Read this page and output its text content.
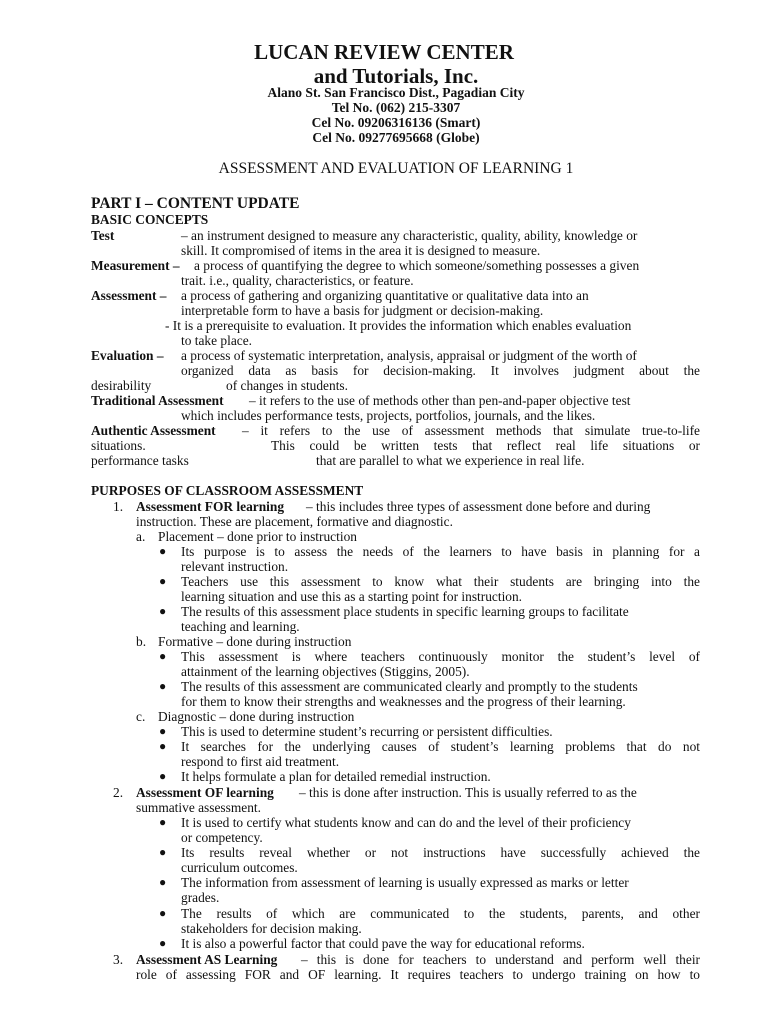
LUCAN REVIEW CENTER
and Tutorials, Inc.
Alano St. San Francisco Dist., Pagadian City
Tel No. (062) 215-3307
Cel No. 09206316136 (Smart)
Cel No. 09277695668 (Globe)
ASSESSMENT AND EVALUATION OF LEARNING 1
PART I – CONTENT UPDATE
BASIC CONCEPTS
Test	– an instrument designed to measure any characteristic, quality, ability, knowledge or
skill. It compromised of items in the area it is designed to measure.
Measurement – a process of quantifying the degree to which someone/something possesses a given
trait. i.e., quality, characteristics, or feature.
Assessment – a process of gathering and organizing quantitative or qualitative data into an
interpretable form to have a basis for judgment or decision-making.
- It is a prerequisite to evaluation. It provides the information which enables evaluation
to take place.
Evaluation – a process of systematic interpretation, analysis, appraisal or judgment of the worth of
organized data as basis for decision-making. It involves judgment about the
desirability	of changes in students.
Traditional Assessment – it refers to the use of methods other than pen-and-paper objective test
which includes performance tests, projects, portfolios, journals, and the likes.
Authentic Assessment – it refers to the use of assessment methods that simulate true-to-life
situations.	This could be written tests that reflect real life situations or
performance tasks	that are parallel to what we experience in real life.
PURPOSES OF CLASSROOM ASSESSMENT
1. Assessment FOR learning – this includes three types of assessment done before and during
instruction. These are placement, formative and diagnostic.
a. Placement – done prior to instruction
● Its purpose is to assess the needs of the learners to have basis in planning for a
relevant instruction.
● Teachers use this assessment to know what their students are bringing into the
learning situation and use this as a starting point for instruction.
● The results of this assessment place students in specific learning groups to facilitate
teaching and learning.
b. Formative – done during instruction
● This assessment is where teachers continuously monitor the student’s level of
attainment of the learning objectives (Stiggins, 2005).
● The results of this assessment are communicated clearly and promptly to the students
for them to know their strengths and weaknesses and the progress of their learning.
c. Diagnostic – done during instruction
● This is used to determine student’s recurring or persistent difficulties.
● It searches for the underlying causes of student’s learning problems that do not
respond to first aid treatment.
● It helps formulate a plan for detailed remedial instruction.
2. Assessment OF learning – this is done after instruction. This is usually referred to as the
summative assessment.
● It is used to certify what students know and can do and the level of their proficiency
or competency.
● Its results reveal whether or not instructions have successfully achieved the
curriculum outcomes.
● The information from assessment of learning is usually expressed as marks or letter
grades.
● The results of which are communicated to the students, parents, and other
stakeholders for decision making.
● It is also a powerful factor that could pave the way for educational reforms.
3. Assessment AS Learning – this is done for teachers to understand and perform well their
role of assessing FOR and OF learning. It requires teachers to undergo training on how to
